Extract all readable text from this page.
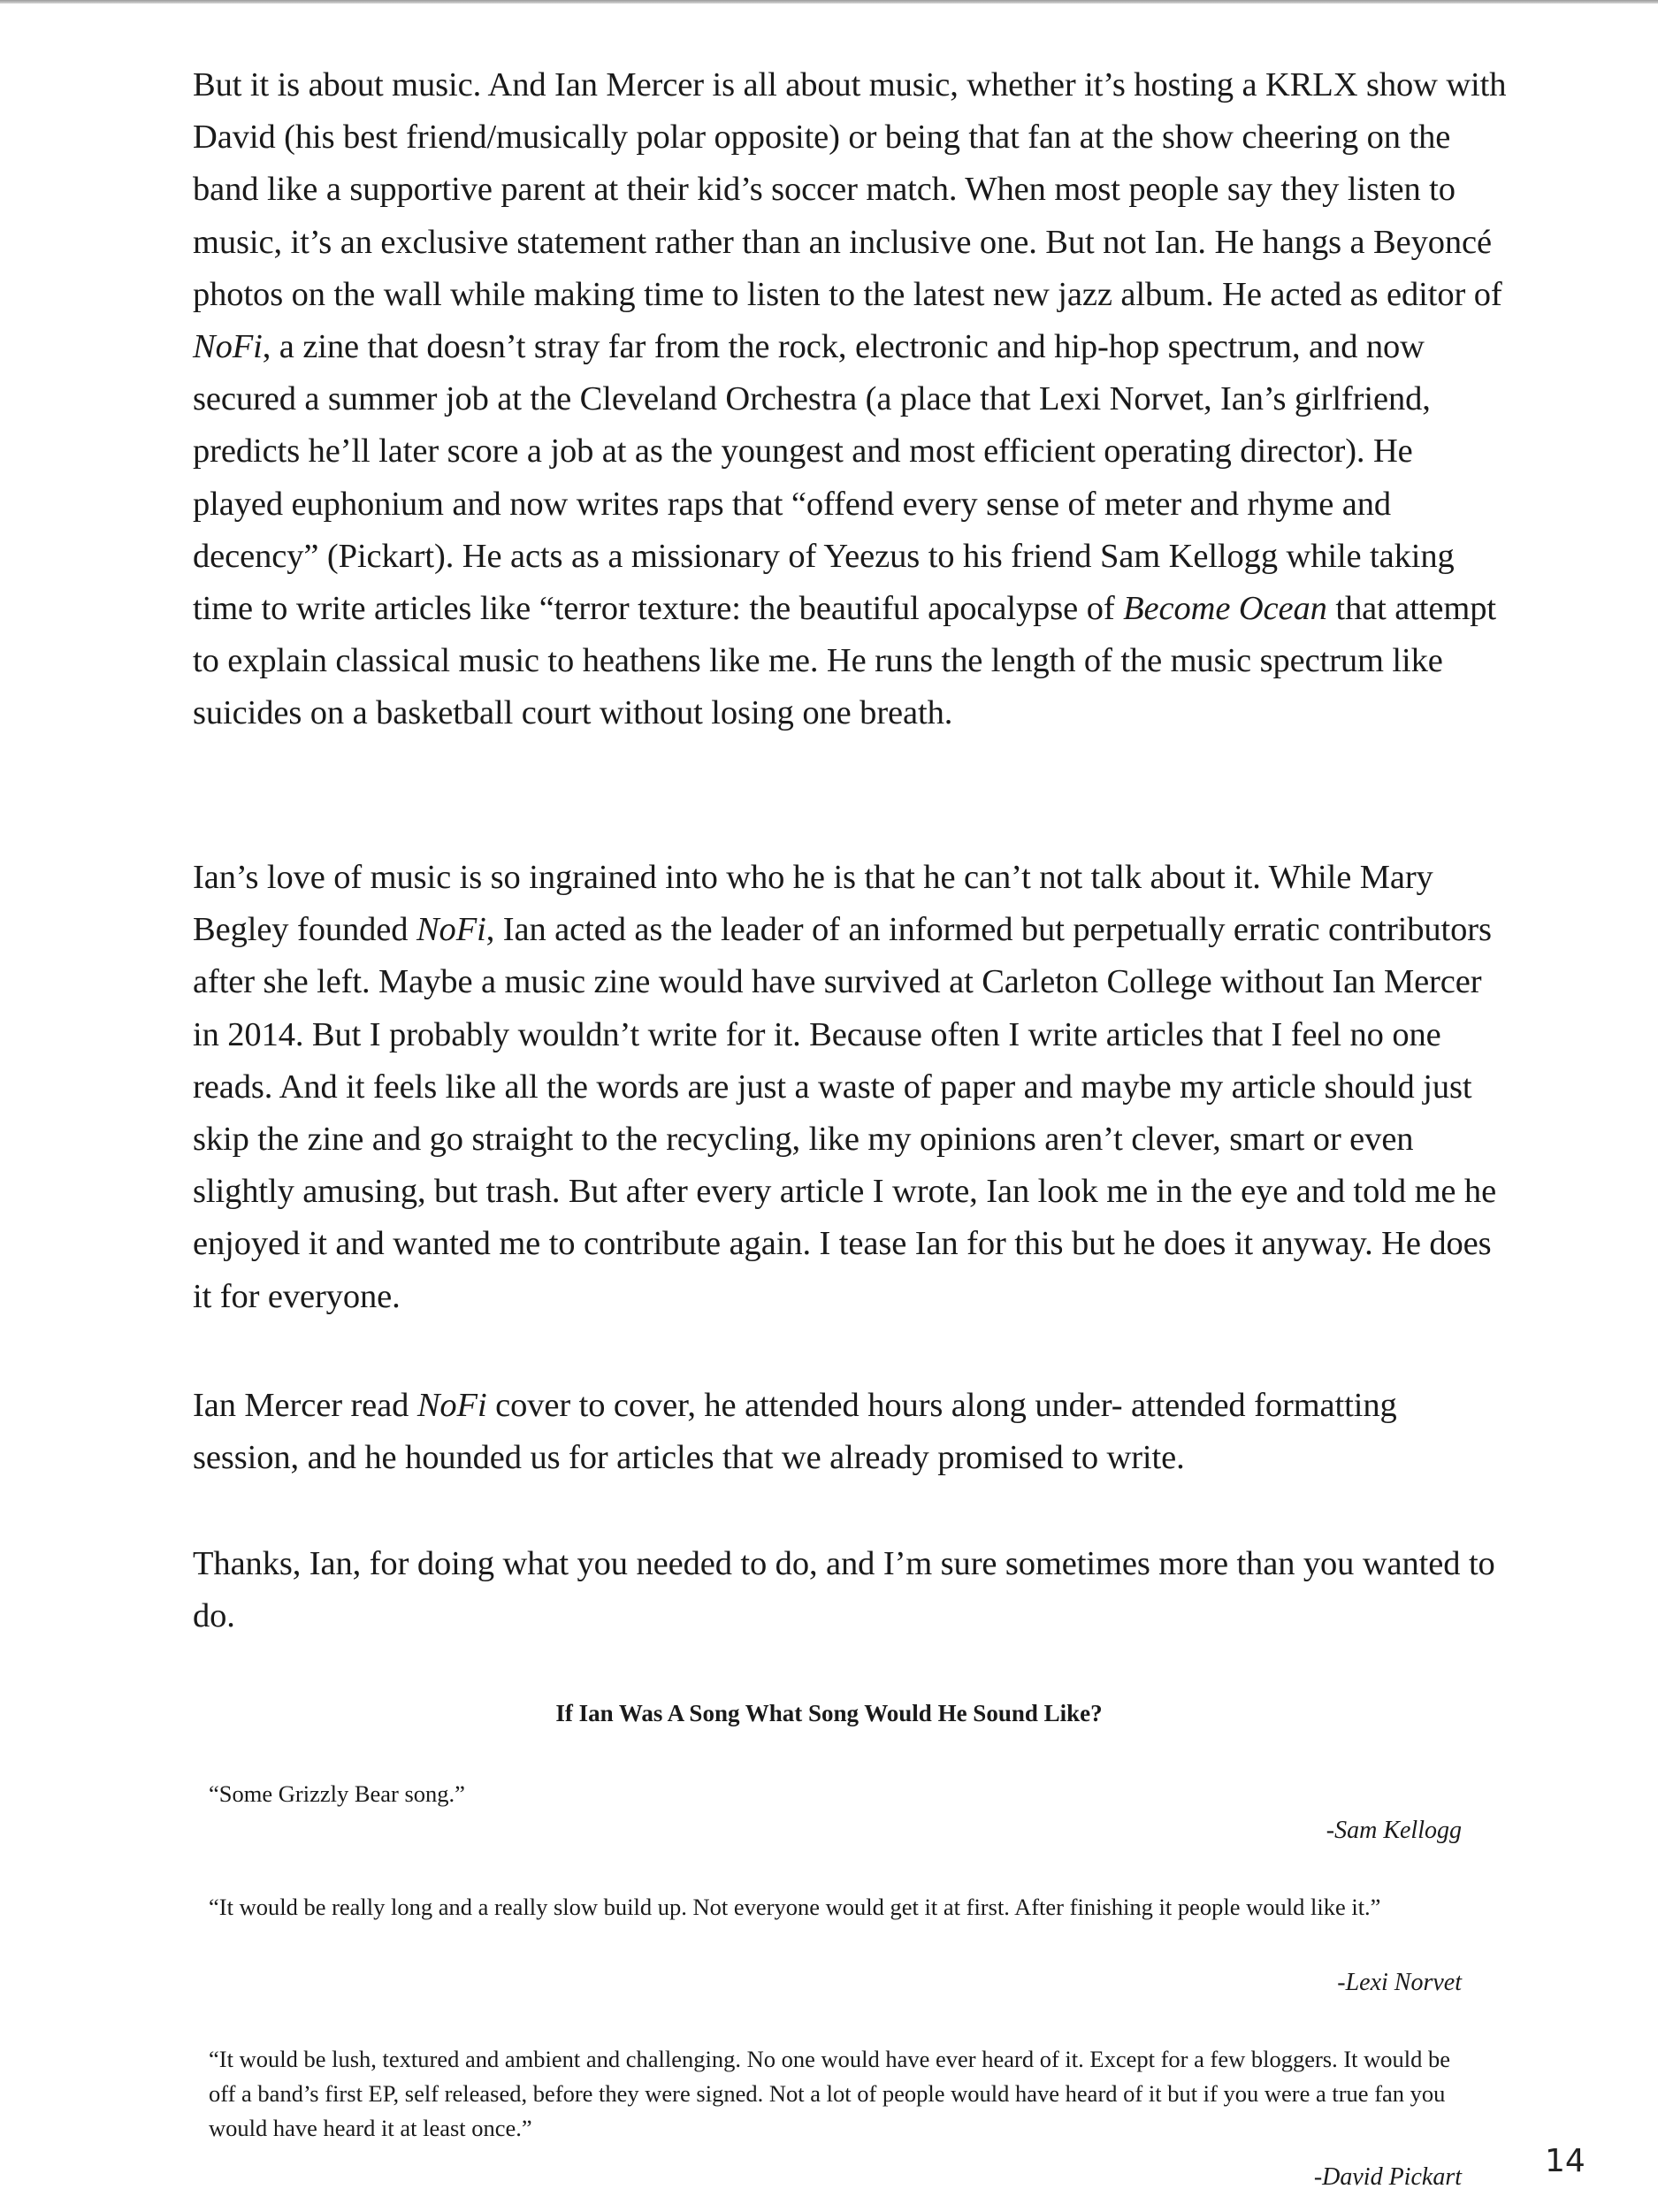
But it is about music. And Ian Mercer is all about music, whether it’s hosting a KRLX show with David (his best friend/musically polar opposite) or being that fan at the show cheering on the band like a supportive parent at their kid’s soccer match. When most people say they listen to music, it’s an exclusive statement rather than an inclusive one. But not Ian. He hangs a Beyoncé photos on the wall while making time to listen to the latest new jazz album. He acted as editor of NoFi, a zine that doesn’t stray far from the rock, electronic and hip-hop spectrum, and now secured a summer job at the Cleveland Orchestra (a place that Lexi Norvet, Ian’s girlfriend, predicts he’ll later score a job at as the youngest and most efficient operating director). He played euphonium and now writes raps that “offend every sense of meter and rhyme and decency” (Pickart). He acts as a missionary of Yeezus to his friend Sam Kellogg while taking time to write articles like “terror texture: the beautiful apocalypse of Become Ocean that attempt to explain classical music to heathens like me. He runs the length of the music spectrum like suicides on a basketball court without losing one breath.

Ian’s love of music is so ingrained into who he is that he can’t not talk about it. While Mary Begley founded NoFi, Ian acted as the leader of an informed but perpetually erratic contributors after she left. Maybe a music zine would have survived at Carleton College without Ian Mercer in 2014. But I probably wouldn’t write for it. Because often I write articles that I feel no one reads. And it feels like all the words are just a waste of paper and maybe my article should just skip the zine and go straight to the recycling, like my opinions aren’t clever, smart or even slightly amusing, but trash. But after every article I wrote, Ian look me in the eye and told me he enjoyed it and wanted me to contribute again. I tease Ian for this but he does it anyway. He does it for everyone.

Ian Mercer read NoFi cover to cover, he attended hours along under- attended formatting session, and he hounded us for articles that we already promised to write.

Thanks, Ian, for doing what you needed to do, and I’m sure sometimes more than you wanted to do.

If Ian Was A Song What Song Would He Sound Like?

“Some Grizzly Bear song.”

-Sam Kellogg

“It would be really long and a really slow build up. Not everyone would get it at first. After finishing it people would like it.”

-Lexi Norvet

“It would be lush, textured and ambient and challenging. No one would have ever heard of it. Except for a few bloggers. It would be off a band’s first EP, self released, before they were signed. Not a lot of people would have heard of it but if you were a true fan you would have heard it at least once.”

-David Pickart	14
